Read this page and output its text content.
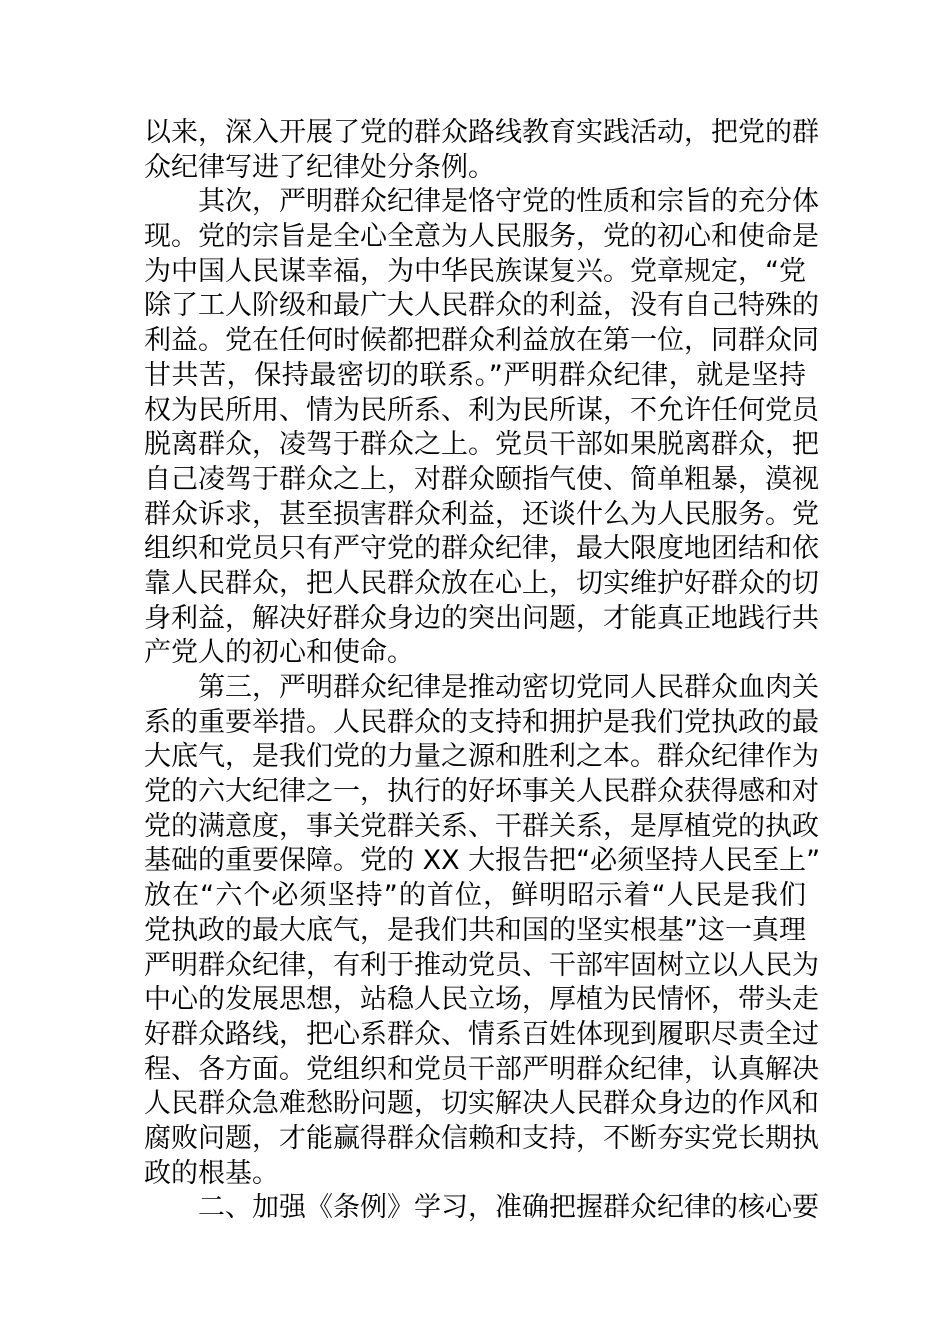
以来，深入开展了党的群众路线教育实践活动，把党的群
众纪律写进了纪律处分条例。
其次，严明群众纪律是恪守党的性质和宗旨的充分体
现。党的宗旨是全心全意为人民服务，党的初心和使命是
为中国人民谋幸福，为中华民族谋复兴。党章规定，“党
除了工人阶级和最广大人民群众的利益，没有自己特殊的
利益。党在任何时候都把群众利益放在第一位，同群众同
甘共苦，保持最密切的联系。”严明群众纪律，就是坚持
权为民所用、情为民所系、利为民所谋，不允许任何党员
脱离群众，凌驾于群众之上。党员干部如果脱离群众，把
自己凌驾于群众之上，对群众颐指气使、简单粗暴，漠视
群众诉求，甚至损害群众利益，还谈什么为人民服务。党
组织和党员只有严守党的群众纪律，最大限度地团结和依
靠人民群众，把人民群众放在心上，切实维护好群众的切
身利益，解决好群众身边的突出问题，才能真正地践行共
产党人的初心和使命。
第三，严明群众纪律是推动密切党同人民群众血肉关
系的重要举措。人民群众的支持和拥护是我们党执政的最
大底气，是我们党的力量之源和胜利之本。群众纪律作为
党的六大纪律之一，执行的好坏事关人民群众获得感和对
党的满意度，事关党群关系、干群关系，是厚植党的执政
基础的重要保障。党的 XX 大报告把“必须坚持人民至上”
放在“六个必须坚持”的首位，鲜明昭示着“人民是我们
党执政的最大底气，是我们共和国的坚实根基”这一真理
严明群众纪律，有利于推动党员、干部牢固树立以人民为
中心的发展思想，站稳人民立场，厚植为民情怀，带头走
好群众路线，把心系群众、情系百姓体现到履职尽责全过
程、各方面。党组织和党员干部严明群众纪律，认真解决
人民群众急难愁盼问题，切实解决人民群众身边的作风和
腐败问题，才能赢得群众信赖和支持，不断夯实党长期执
政的根基。
二、加强《条例》学习，准确把握群众纪律的核心要
